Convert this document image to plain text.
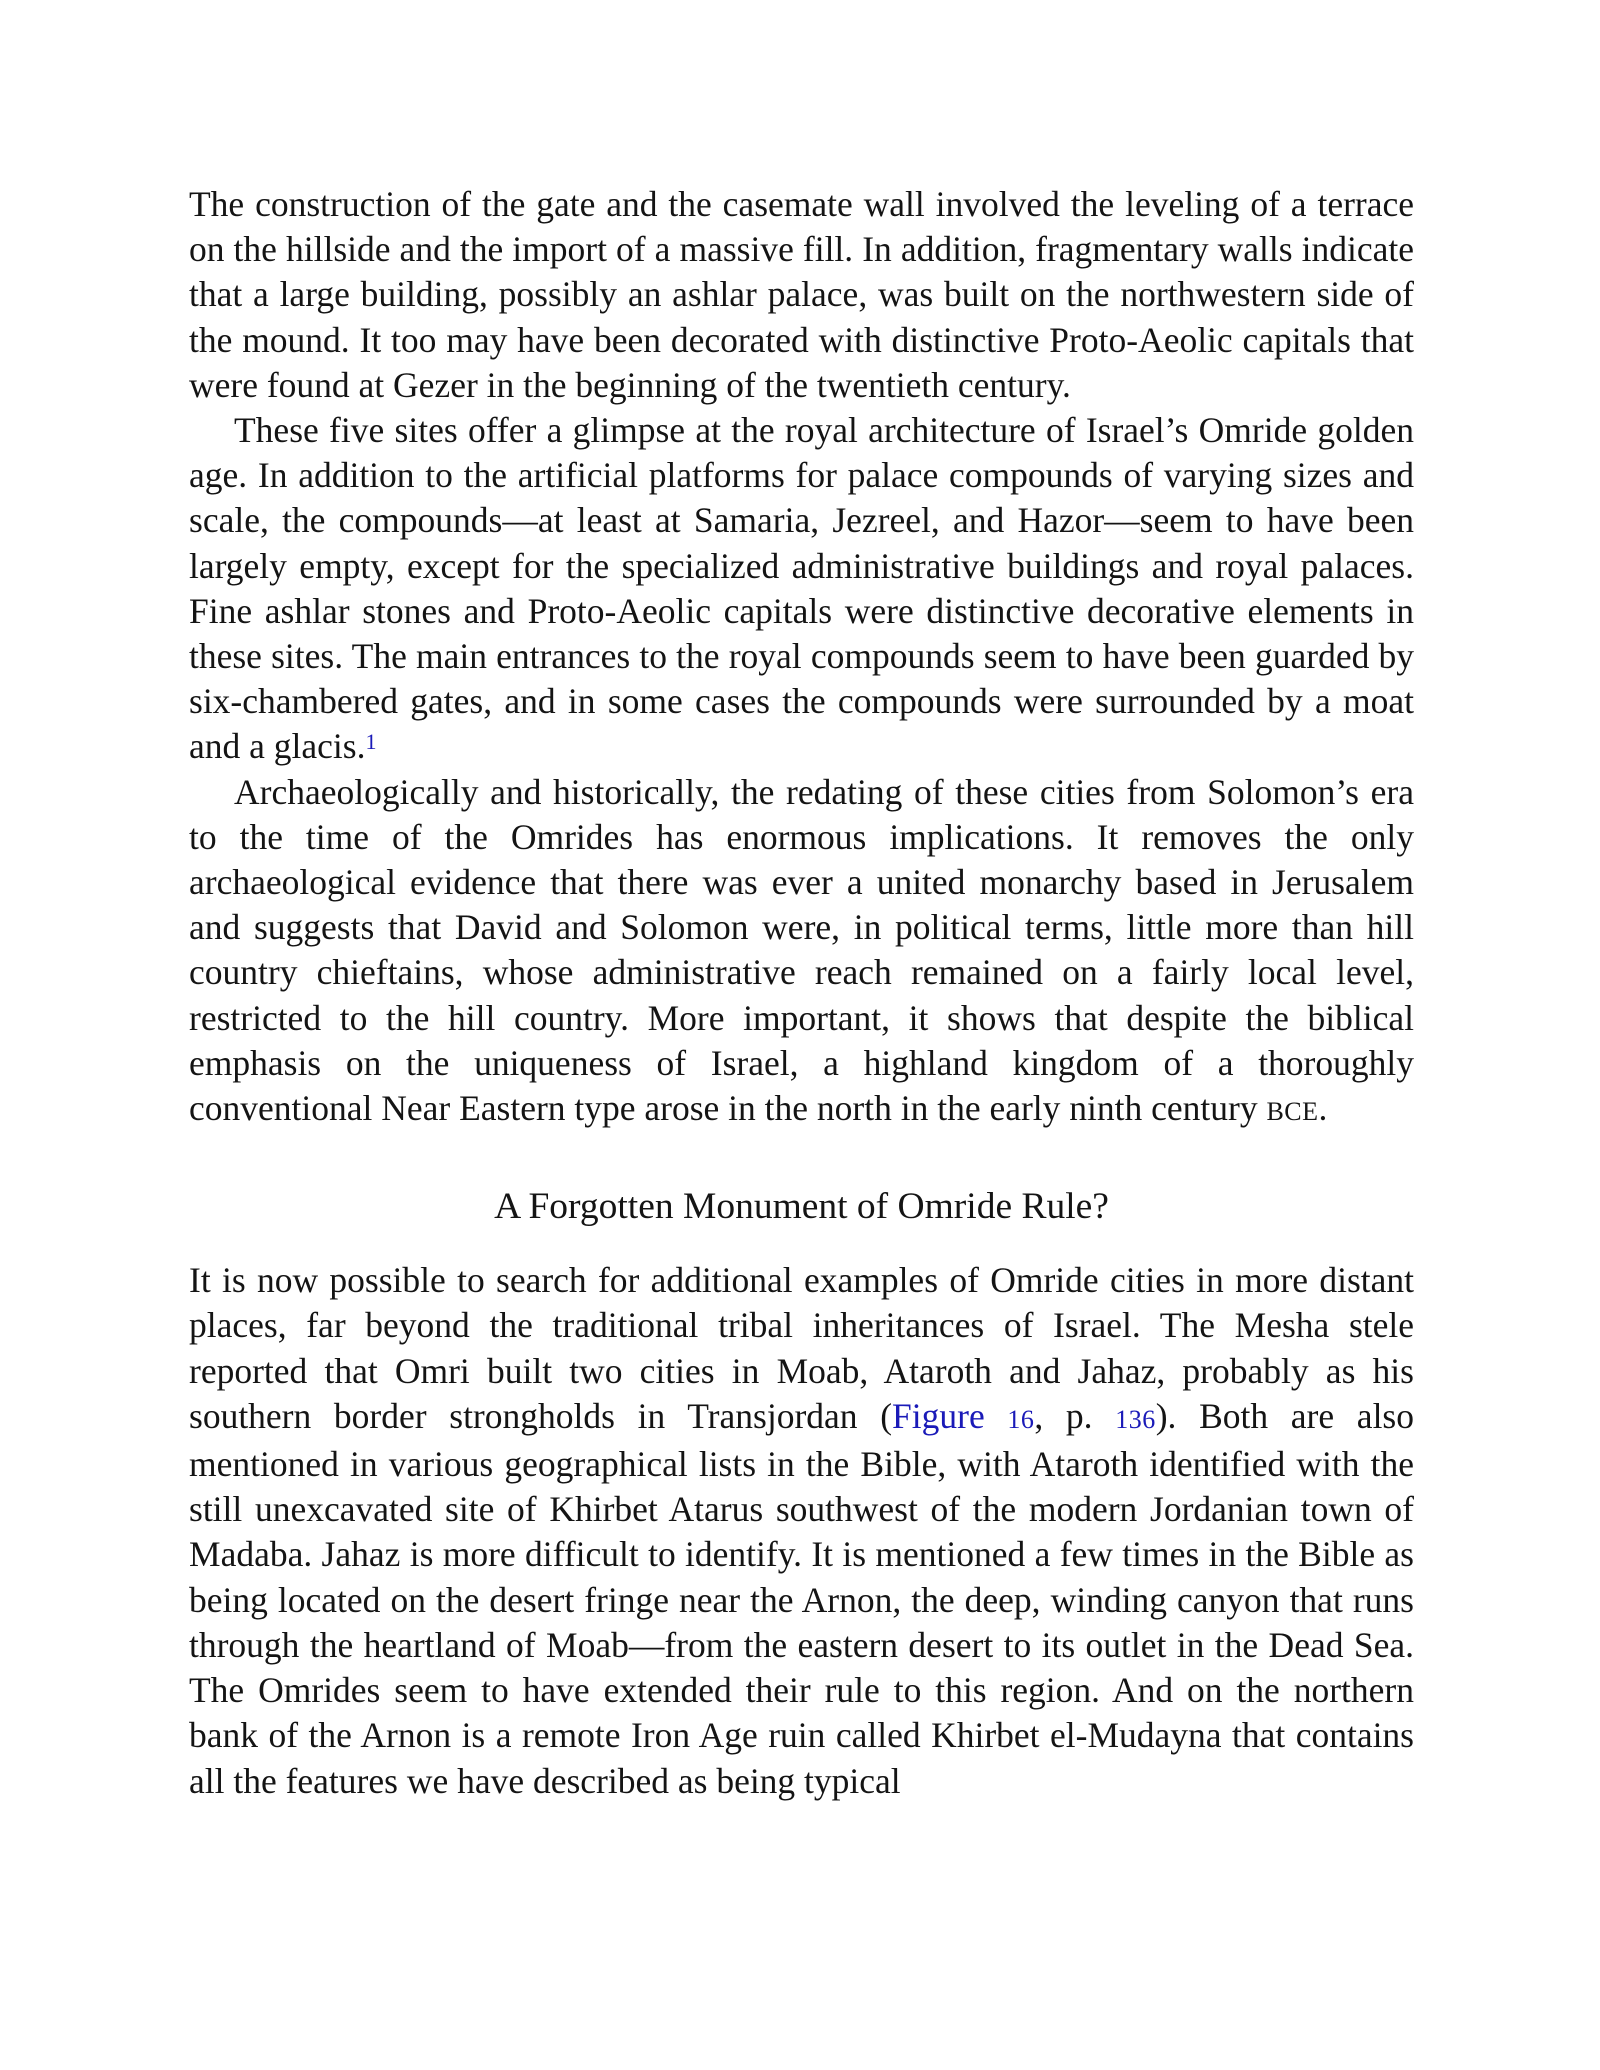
The construction of the gate and the casemate wall involved the leveling of a terrace on the hillside and the import of a massive fill. In addition, fragmentary walls indicate that a large building, possibly an ashlar palace, was built on the northwestern side of the mound. It too may have been decorated with distinctive Proto-Aeolic capitals that were found at Gezer in the beginning of the twentieth century.

These five sites offer a glimpse at the royal architecture of Israel’s Omride golden age. In addition to the artificial platforms for palace compounds of varying sizes and scale, the compounds—at least at Samaria, Jezreel, and Hazor—seem to have been largely empty, except for the specialized administrative buildings and royal palaces. Fine ashlar stones and Proto-Aeolic capitals were distinctive decorative elements in these sites. The main entrances to the royal compounds seem to have been guarded by six-chambered gates, and in some cases the compounds were surrounded by a moat and a glacis.$^1$

Archaeologically and historically, the redating of these cities from Solomon’s era to the time of the Omrides has enormous implications. It removes the only archaeological evidence that there was ever a united monarchy based in Jerusalem and suggests that David and Solomon were, in political terms, little more than hill country chieftains, whose administrative reach remained on a fairly local level, restricted to the hill country. More important, it shows that despite the biblical emphasis on the uniqueness of Israel, a highland kingdom of a thoroughly conventional Near Eastern type arose in the north in the early ninth century BCE.

A Forgotten Monument of Omride Rule?

It is now possible to search for additional examples of Omride cities in more distant places, far beyond the traditional tribal inheritances of Israel. The Mesha stele reported that Omri built two cities in Moab, Ataroth and Jahaz, probably as his southern border strongholds in Transjordan (Figure 16, p. 136). Both are also mentioned in various geographical lists in the Bible, with Ataroth identified with the still unexcavated site of Khirbet Atarus southwest of the modern Jordanian town of Madaba. Jahaz is more difficult to identify. It is mentioned a few times in the Bible as being located on the desert fringe near the Arnon, the deep, winding canyon that runs through the heartland of Moab—from the eastern desert to its outlet in the Dead Sea. The Omrides seem to have extended their rule to this region. And on the northern bank of the Arnon is a remote Iron Age ruin called Khirbet el-Mudayna that contains all the features we have described as being typical
